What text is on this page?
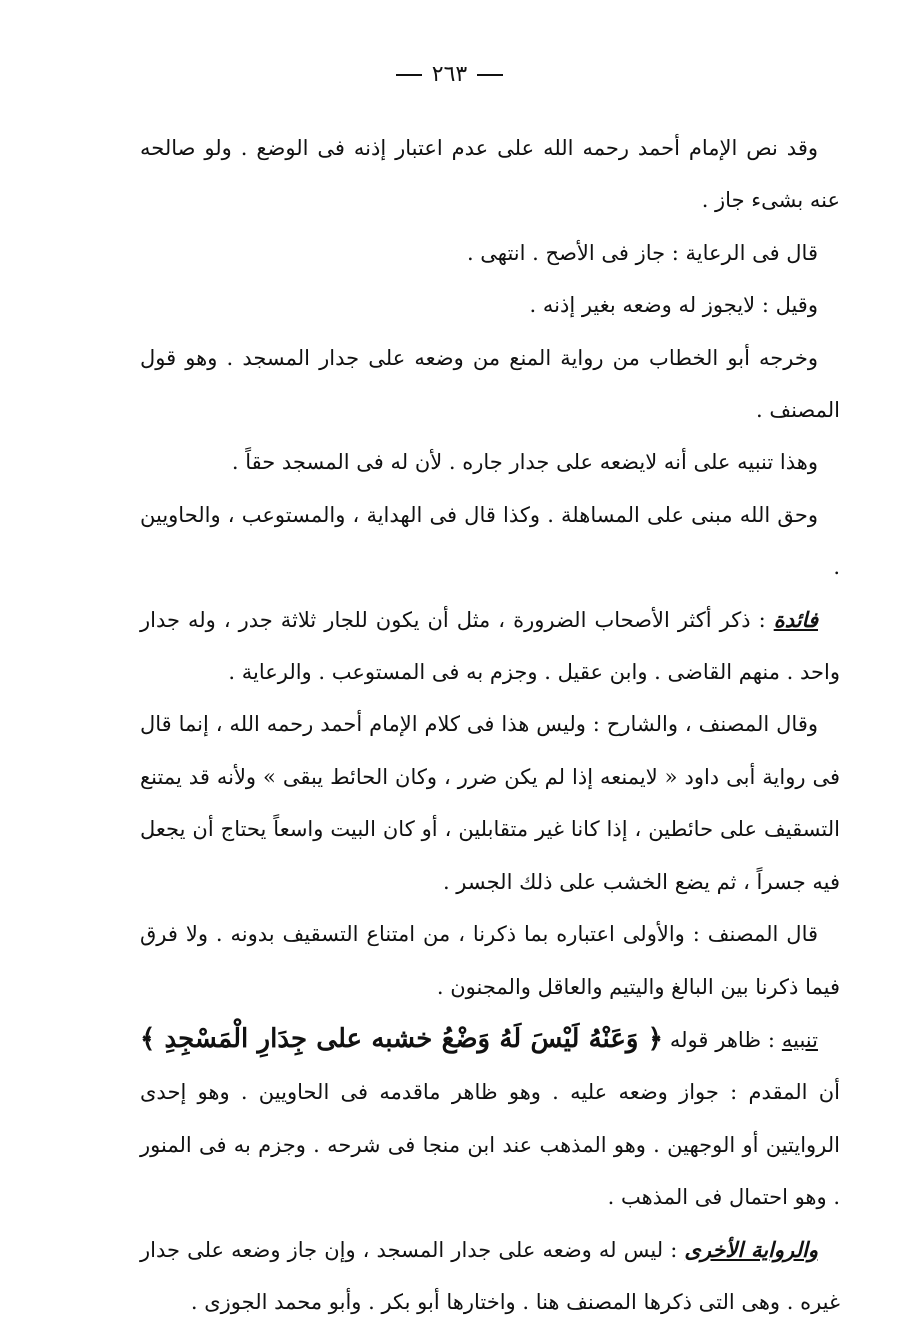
٢٦٣

وقد نص الإمام أحمد رحمه الله على عدم اعتبار إذنه فى الوضع . ولو صالحه عنه بشىء جاز .

قال فى الرعاية : جاز فى الأصح . انتهى .

وقيل : لايجوز له وضعه بغير إذنه .

وخرجه أبو الخطاب من رواية المنع من وضعه على جدار المسجد . وهو قول المصنف .

وهذا تنبيه على أنه لايضعه على جدار جاره . لأن له فى المسجد حقاً .

وحق الله مبنى على المساهلة . وكذا قال فى الهداية ، والمستوعب ، والحاويين .

فائدة : ذكر أكثر الأصحاب الضرورة ، مثل أن يكون للجار ثلاثة جدر ، وله جدار واحد . منهم القاضى . وابن عقيل . وجزم به فى المستوعب . والرعاية .

وقال المصنف ، والشارح : وليس هذا فى كلام الإمام أحمد رحمه الله ، إنما قال فى رواية أبى داود « لايمنعه إذا لم يكن ضرر ، وكان الحائط يبقى » ولأنه قد يمتنع التسقيف على حائطين ، إذا كانا غير متقابلين ، أو كان البيت واسعاً يحتاج أن يجعل فيه جسراً ، ثم يضع الخشب على ذلك الجسر .

قال المصنف : والأولى اعتباره بما ذكرنا ، من امتناع التسقيف بدونه . ولا فرق فيما ذكرنا بين البالغ واليتيم والعاقل والمجنون .

تنبيه : ظاهر قوله ﴿ وَعَنْهُ لَيْسَ لَهُ وَضْعُ خشبه على جِدَارِ الْمَسْجِدِ ﴾ أن المقدم : جواز وضعه عليه . وهو ظاهر ماقدمه فى الحاويين . وهو إحدى الروايتين أو الوجهين . وهو المذهب عند ابن منجا فى شرحه . وجزم به فى المنور . وهو احتمال فى المذهب .

والرواية الأخرى : ليس له وضعه على جدار المسجد ، وإن جاز وضعه على جدار غيره . وهى التى ذكرها المصنف هنا . واختارها أبو بكر . وأبو محمد الجوزى .
